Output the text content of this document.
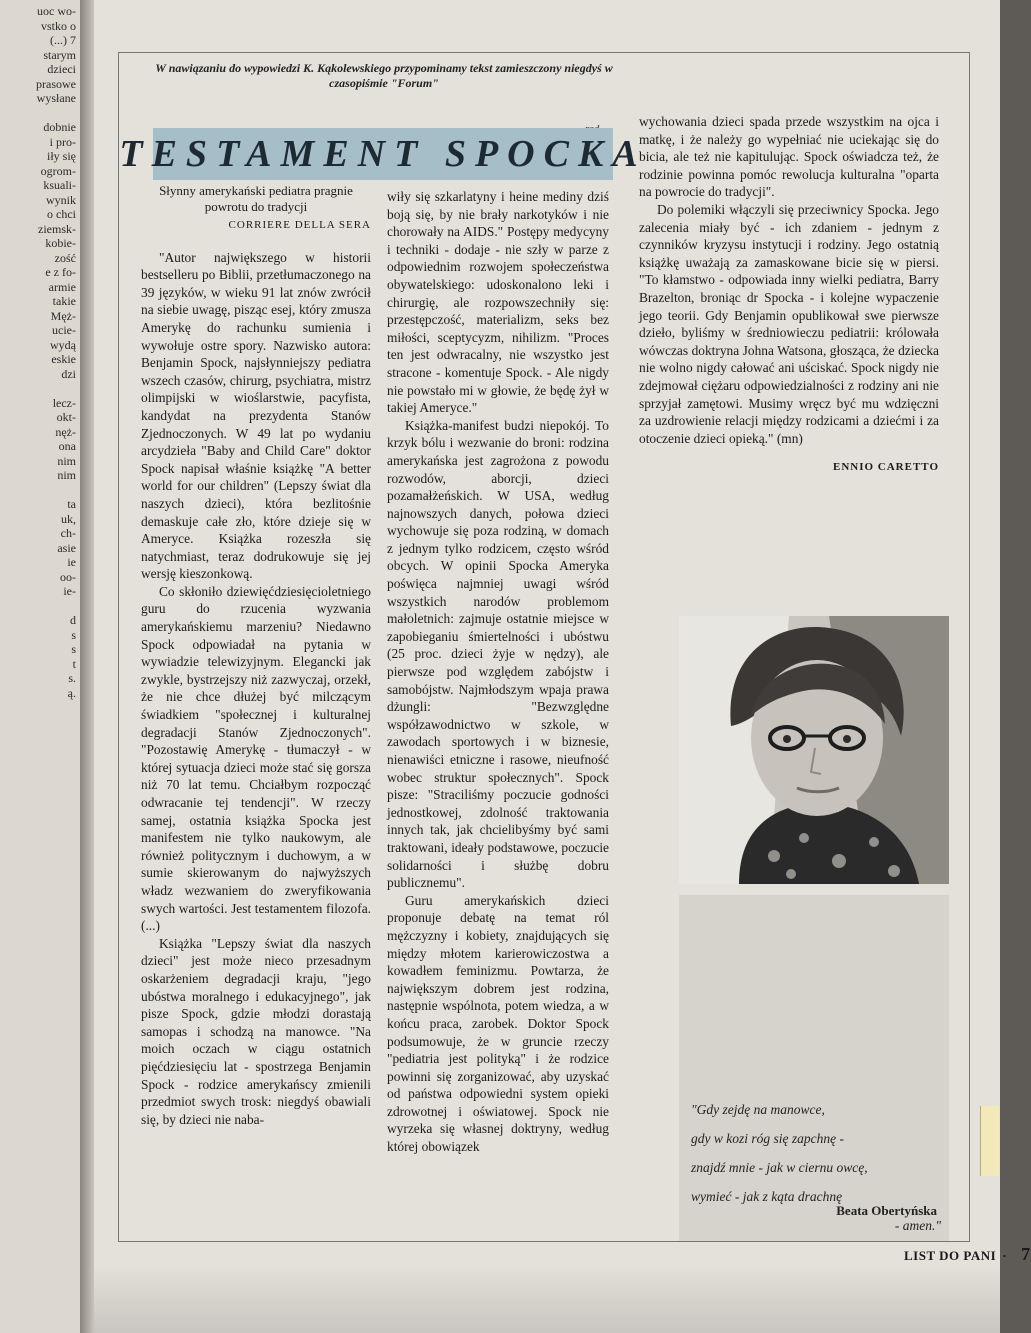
uoc wo-
vstko o
(...) 7
starym
dzieci
prasowe
wysłane

dobnie
i pro-
iły się
ogrom-
ksuali-
wynik
o chci
ziemsk-
kobie-
zość
e z fo-
armie
takie
Męż-
ucie-
wydą
eskie
dzi

lecz-
okt-
nęż-
ona
nim
nim

ta
uk,
ch-
asie
ie
oo-
ie-

d
s
s
t
s.
ą.
W nawiązaniu do wypowiedzi K. Kąkolewskiego przypominamy tekst zamieszczony niegdyś w czasopiśmie "Forum"
TESTAMENT SPOCKA
Słynny amerykański pediatra pragnie powrotu do tradycji
CORRIERE DELLA SERA

"Autor największego w historii bestselleru po Biblii, przetłumaczonego na 39 języków, w wieku 91 lat znów zwrócił na siebie uwagę, pisząc esej, który zmusza Amerykę do rachunku sumienia i wywołuje ostre spory. Nazwisko autora: Benjamin Spock, najsłynniejszy pediatra wszech czasów, chirurg, psychiatra, mistrz olimpijski w wioślarstwie, pacyfista, kandydat na prezydenta Stanów Zjednoczonych. W 49 lat po wydaniu arcydzieła "Baby and Child Care" doktor Spock napisał właśnie książkę "A better world for our children" (Lepszy świat dla naszych dzieci), która bezlitośnie demaskuje całe zło, które dzieje się w Ameryce. Książka rozeszła się natychmiast, teraz dodrukowuje się jej wersję kieszonkową.

Co skłoniło dziewięćdziesięcioletniego guru do rzucenia wyzwania amerykańskiemu marzeniu? Niedawno Spock odpowiadał na pytania w wywiadzie telewizyjnym. Elegancki jak zwykle, bystrzejszy niż zazwyczaj, orzekł, że nie chce dłużej być milczącym świadkiem "społecznej i kulturalnej degradacji Stanów Zjednoczonych". "Pozostawię Amerykę - tłumaczył - w której sytuacja dzieci może stać się gorsza niż 70 lat temu. Chciałbym rozpocząć odwracanie tej tendencji". W rzeczy samej, ostatnia książka Spocka jest manifestem nie tylko naukowym, ale również politycznym i duchowym, a w sumie skierowanym do najwyższych władz wezwaniem do zweryfikowania swych wartości. Jest testamentem filozofa.(...)

Książka "Lepszy świat dla naszych dzieci" jest może nieco przesadnym oskarżeniem degradacji kraju, "jego ubóstwa moralnego i edukacyjnego", jak pisze Spock, gdzie młodzi dorastają samopas i schodzą na manowce. "Na moich oczach w ciągu ostatnich pięćdziesięciu lat - spostrzega Benjamin Spock - rodzice amerykańscy zmienili przedmiot swych trosk: niegdyś obawiali się, by dzieci nie naba-

wiły się szkarlatyny i heine mediny dziś boją się, by nie brały narkotyków i nie chorowały na AIDS." Postępy medycyny i techniki - dodaje - nie szły w parze z odpowiednim rozwojem społeczeństwa obywatelskiego: udoskonalono leki i chirurgię, ale rozpowszechniły się: przestępczość, materializm, seks bez miłości, sceptycyzm, nihilizm. "Proces ten jest odwracalny, nie wszystko jest stracone - komentuje Spock. - Ale nigdy nie powstało mi w głowie, że będę żył w takiej Ameryce."

Książka-manifest budzi niepokój. To krzyk bólu i wezwanie do broni: rodzina amerykańska jest zagrożona z powodu rozwodów, aborcji, dzieci pozamałżeńskich. W USA, według najnowszych danych, połowa dzieci wychowuje się poza rodziną, w domach z jednym tylko rodzicem, często wśród obcych. W opinii Spocka Ameryka poświęca najmniej uwagi wśród wszystkich narodów problemom małoletnich: zajmuje ostatnie miejsce w zapobieganiu śmiertelności i ubóstwu (25 proc. dzieci żyje w nędzy), ale pierwsze pod względem zabójstw i samobójstw. Najmłodszym wpaja prawa dżungli: "Bezwzględne współzawodnictwo w szkole, w zawodach sportowych i w biznesie, nienawiści etniczne i rasowe, nieufność wobec struktur społecznych". Spock pisze: "Straciliśmy poczucie godności jednostkowej, zdolność traktowania innych tak, jak chcielibyśmy być sami traktowani, ideały podstawowe, poczucie solidarności i służbę dobru publicznemu".

Guru amerykańskich dzieci proponuje debatę na temat ról mężczyzny i kobiety, znajdujących się między młotem karierowiczostwa a kowadłem feminizmu. Powtarza, że największym dobrem jest rodzina, następnie wspólnota, potem wiedza, a w końcu praca, zarobek. Doktor Spock podsumowuje, że w gruncie rzeczy "pediatria jest polityką" i że rodzice powinni się zorganizować, aby uzyskać od państwa odpowiedni system opieki zdrowotnej i oświatowej. Spock nie wyrzeka się własnej doktryny, według której obowiązek

wychowania dzieci spada przede wszystkim na ojca i matkę, i że należy go wypełniać nie uciekając się do bicia, ale też nie kapitulując. Spock oświadcza też, że rodzinie powinna pomóc rewolucja kulturalna "oparta na powrocie do tradycji".

Do polemiki włączyli się przeciwnicy Spocka. Jego zalecenia miały być - ich zdaniem - jednym z czynników kryzysu instytucji i rodziny. Jego ostatnią książkę uważają za zamaskowane bicie się w piersi. "To kłamstwo - odpowiada inny wielki pediatra, Barry Brazelton, broniąc dr Spocka - i kolejne wypaczenie jego teorii. Gdy Benjamin opublikował swe pierwsze dzieło, byliśmy w średniowieczu pediatrii: królowała wówczas doktryna Johna Watsona, głosząca, że dziecka nie wolno nigdy całować ani uściskać. Spock nigdy nie zdejmował ciężaru odpowiedzialności z rodziny ani nie sprzyjał zamętowi. Musimy wręcz być mu wdzięczni za uzdrowienie relacji między rodzicami a dziećmi i za otoczenie dzieci opieką." (mn)

ENNIO CARETTO
"Gdy zejdę na manowce,
gdy w kozi róg się zapchnę -
znajdź mnie - jak w ciernu owcę,
wymieć - jak z kąta drachnę
- amen."
Beata Obertyńska
LIST DO PANI · 7
